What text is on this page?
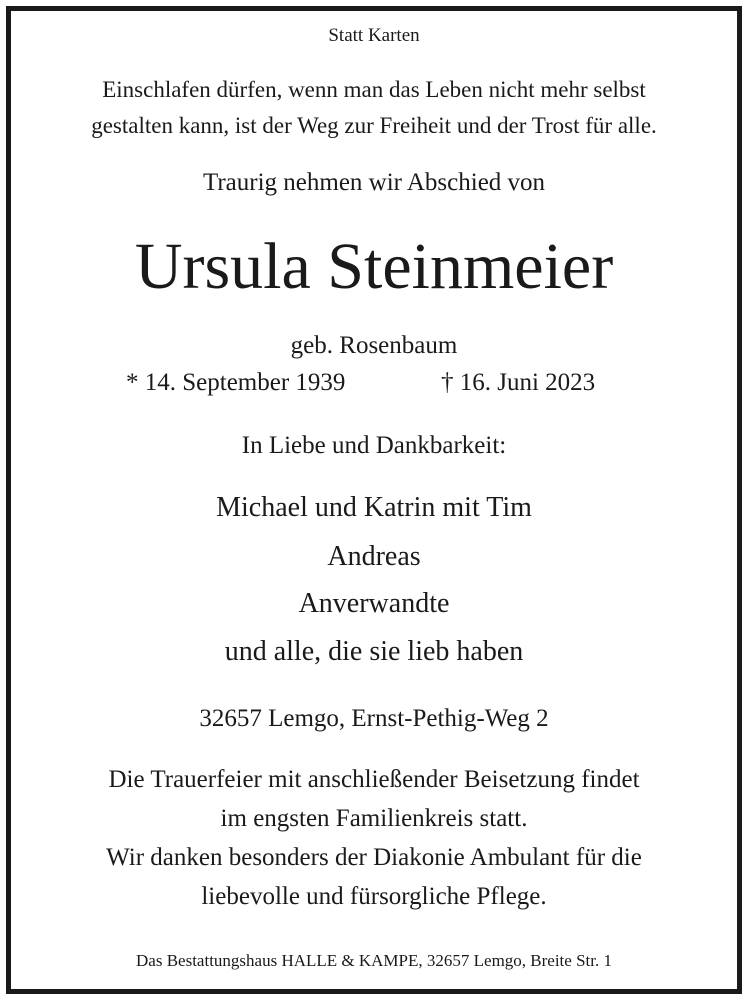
Statt Karten
Einschlafen dürfen, wenn man das Leben nicht mehr selbst
gestalten kann, ist der Weg zur Freiheit und der Trost für alle.
Traurig nehmen wir Abschied von
Ursula Steinmeier
geb. Rosenbaum
* 14. September 1939	† 16. Juni 2023
In Liebe und Dankbarkeit:
Michael und Katrin mit Tim
Andreas
Anverwandte
und alle, die sie lieb haben
32657 Lemgo, Ernst-Pethig-Weg 2
Die Trauerfeier mit anschließender Beisetzung findet
im engsten Familienkreis statt.
Wir danken besonders der Diakonie Ambulant für die
liebevolle und fürsorgliche Pflege.
Das Bestattungshaus HALLE & KAMPE, 32657 Lemgo, Breite Str. 1
